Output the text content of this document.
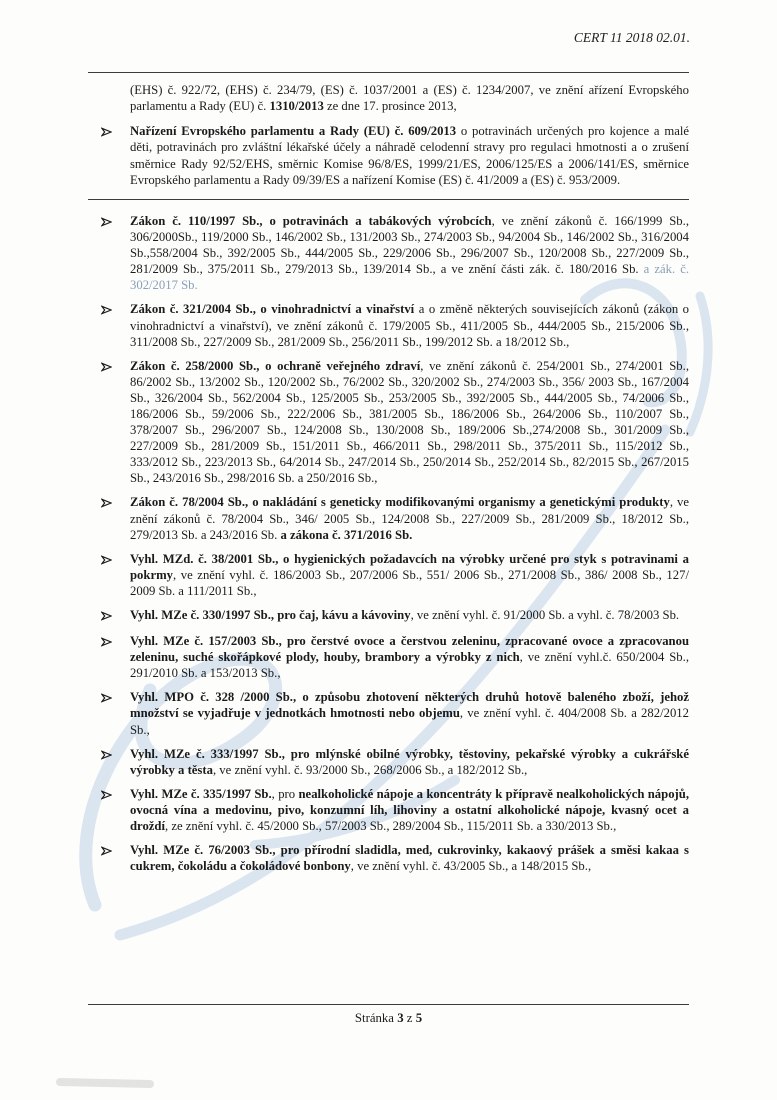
CERT 11 2018 02.01.

(EHS) č. 922/72, (EHS) č. 234/79, (ES) č. 1037/2001 a (ES) č. 1234/2007, ve znění ařízení Evropského parlamentu a Rady (EU) č. 1310/2013 ze dne 17. prosince 2013,

Nařízení Evropského parlamentu a Rady (EU) č. 609/2013 o potravinách určených pro kojence a malé děti, potravinách pro zvláštní lékařské účely a náhradě celodenní stravy pro regulaci hmotnosti a o zrušení směrnice Rady 92/52/EHS, směrnic Komise 96/8/ES, 1999/21/ES, 2006/125/ES a 2006/141/ES, směrnice Evropského parlamentu a Rady 09/39/ES a nařízení Komise (ES) č. 41/2009 a (ES) č. 953/2009.
Zákon č. 110/1997 Sb., o potravinách a tabákových výrobcích, ve znění zákonů č. 166/1999 Sb., 306/2000Sb., 119/2000 Sb., 146/2002 Sb., 131/2003 Sb., 274/2003 Sb., 94/2004 Sb., 146/2002 Sb., 316/2004 Sb.,558/2004 Sb., 392/2005 Sb., 444/2005 Sb., 229/2006 Sb., 296/2007 Sb., 120/2008 Sb., 227/2009 Sb., 281/2009 Sb., 375/2011 Sb., 279/2013 Sb., 139/2014 Sb., a ve znění části zák. č. 180/2016 Sb. a zák. č. 302/2017 Sb.
Zákon č. 321/2004 Sb., o vinohradnictví a vinařství a o změně některých souvisejících zákonů (zákon o vinohradnictví a vinařství), ve znění zákonů č. 179/2005 Sb., 411/2005 Sb., 444/2005 Sb., 215/2006 Sb., 311/2008 Sb., 227/2009 Sb., 281/2009 Sb., 256/2011 Sb., 199/2012 Sb. a 18/2012 Sb.,
Zákon č. 258/2000 Sb., o ochraně veřejného zdraví, ve znění zákonů č. 254/2001 Sb., 274/2001 Sb., 86/2002 Sb., 13/2002 Sb., 120/2002 Sb., 76/2002 Sb., 320/2002 Sb., 274/2003 Sb., 356/ 2003 Sb., 167/2004 Sb., 326/2004 Sb., 562/2004 Sb., 125/2005 Sb., 253/2005 Sb., 392/2005 Sb., 444/2005 Sb., 74/2006 Sb., 186/2006 Sb., 59/2006 Sb., 222/2006 Sb., 381/2005 Sb., 186/2006 Sb., 264/2006 Sb., 110/2007 Sb., 378/2007 Sb., 296/2007 Sb., 124/2008 Sb., 130/2008 Sb., 189/2006 Sb.,274/2008 Sb., 301/2009 Sb., 227/2009 Sb., 281/2009 Sb., 151/2011 Sb., 466/2011 Sb., 298/2011 Sb., 375/2011 Sb., 115/2012 Sb., 333/2012 Sb., 223/2013 Sb., 64/2014 Sb., 247/2014 Sb., 250/2014 Sb., 252/2014 Sb., 82/2015 Sb., 267/2015 Sb., 243/2016 Sb., 298/2016 Sb. a 250/2016 Sb.,
Zákon č. 78/2004 Sb., o nakládání s geneticky modifikovanými organismy a genetickými produkty, ve znění zákonů č. 78/2004 Sb., 346/ 2005 Sb., 124/2008 Sb., 227/2009 Sb., 281/2009 Sb., 18/2012 Sb., 279/2013 Sb. a 243/2016 Sb. a zákona č. 371/2016 Sb.
Vyhl. MZd. č. 38/2001 Sb., o hygienických požadavcích na výrobky určené pro styk s potravinami a pokrmy, ve znění vyhl. č. 186/2003 Sb., 207/2006 Sb., 551/ 2006 Sb., 271/2008 Sb., 386/ 2008 Sb., 127/ 2009 Sb. a 111/2011 Sb.,
Vyhl. MZe č. 330/1997 Sb., pro čaj, kávu a kávoviny, ve znění vyhl. č. 91/2000 Sb. a vyhl. č. 78/2003 Sb.
Vyhl. MZe č. 157/2003 Sb., pro čerstvé ovoce a čerstvou zeleninu, zpracované ovoce a zpracovanou zeleninu, suché skořápkové plody, houby, brambory a výrobky z nich, ve znění vyhl.č. 650/2004 Sb., 291/2010 Sb. a 153/2013 Sb.,
Vyhl. MPO č. 328 /2000 Sb., o způsobu zhotovení některých druhů hotově baleného zboží, jehož množství se vyjadřuje v jednotkách hmotnosti nebo objemu, ve znění vyhl. č. 404/2008 Sb. a 282/2012 Sb.,
Vyhl. MZe č. 333/1997 Sb., pro mlýnské obilné výrobky, těstoviny, pekařské výrobky a cukrářské výrobky a těsta, ve znění vyhl. č. 93/2000 Sb., 268/2006 Sb., a 182/2012 Sb.,
Vyhl. MZe č. 335/1997 Sb., pro nealkoholické nápoje a koncentráty k přípravě nealkoholických nápojů, ovocná vína a medovinu, pivo, konzumní líh, lihoviny a ostatní alkoholické nápoje, kvasný ocet a droždí, ze znění vyhl. č. 45/2000 Sb., 57/2003 Sb., 289/2004 Sb., 115/2011 Sb. a 330/2013 Sb.,
Vyhl. MZe č. 76/2003 Sb., pro přírodní sladidla, med, cukrovinky, kakaový prášek a směsi kakaa s cukrem, čokoládu a čokoládové bonbony, ve znění vyhl. č. 43/2005 Sb., a 148/2015 Sb.,
Stránka 3 z 5
